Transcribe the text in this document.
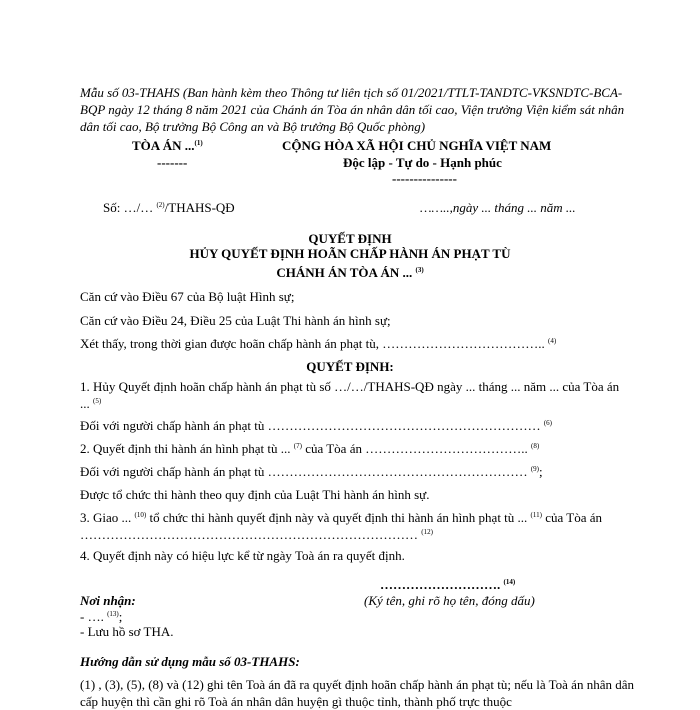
Mẫu số 03-THAHS (Ban hành kèm theo Thông tư liên tịch số 01/2021/TTLT-TANDTC-VKSNDTC-BCA-BQP ngày 12 tháng 8 năm 2021 của Chánh án Tòa án nhân dân tối cao, Viện trưởng Viện kiểm sát nhân dân tối cao, Bộ trưởng Bộ Công an và Bộ trưởng Bộ Quốc phòng)
TÒA ÁN ...$^{(1)}$
-------
CỘNG HÒA XÃ HỘI CHỦ NGHĨA VIỆT NAM
Độc lập - Tự do - Hạnh phúc
---------------
Số: …/… $^{(2)}$/THAHS-QĐ	……..,ngày ... tháng ... năm ...
QUYẾT ĐỊNH
HỦY QUYẾT ĐỊNH HOÃN CHẤP HÀNH ÁN PHẠT TÙ
CHÁNH ÁN TÒA ÁN ... $^{(3)}$
Căn cứ vào Điều 67 của Bộ luật Hình sự;
Căn cứ vào Điều 24, Điều 25 của Luật Thi hành án hình sự;
Xét thấy, trong thời gian được hoãn chấp hành án phạt tù, ……………………………….. $^{(4)}$
QUYẾT ĐỊNH:
1. Hủy Quyết định hoãn chấp hành án phạt tù số …/…/THAHS-QĐ ngày ... tháng ... năm ... của Tòa án ... $^{(5)}$
Đối với người chấp hành án phạt tù ……………………………………………………… $^{(6)}$
2. Quyết định thi hành án hình phạt tù ... $^{(7)}$ của Tòa án ……………………………….. $^{(8)}$
Đối với người chấp hành án phạt tù …………………………………………………… $^{(9)}$;
Được tổ chức thi hành theo quy định của Luật Thi hành án hình sự.
3. Giao ... $^{(10)}$ tổ chức thi hành quyết định này và quyết định thi hành án hình phạt tù ... $^{(11)}$ của Tòa án …………………………………………………………………… $^{(12)}$
4. Quyết định này có hiệu lực kể từ ngày Toà án ra quyết định.
………………………. $^{(14)}$
(Ký tên, ghi rõ họ tên, đóng dấu)
Nơi nhận:
- …. $^{(13)}$;
- Lưu hồ sơ THA.
Hướng dẫn sử dụng mẫu số 03-THAHS:
(1) , (3), (5), (8) và (12) ghi tên Toà án đã ra quyết định hoãn chấp hành án phạt tù; nếu là Toà án nhân dân cấp huyện thì cần ghi rõ Toà án nhân dân huyện gì thuộc tỉnh, thành phố trực thuộc
